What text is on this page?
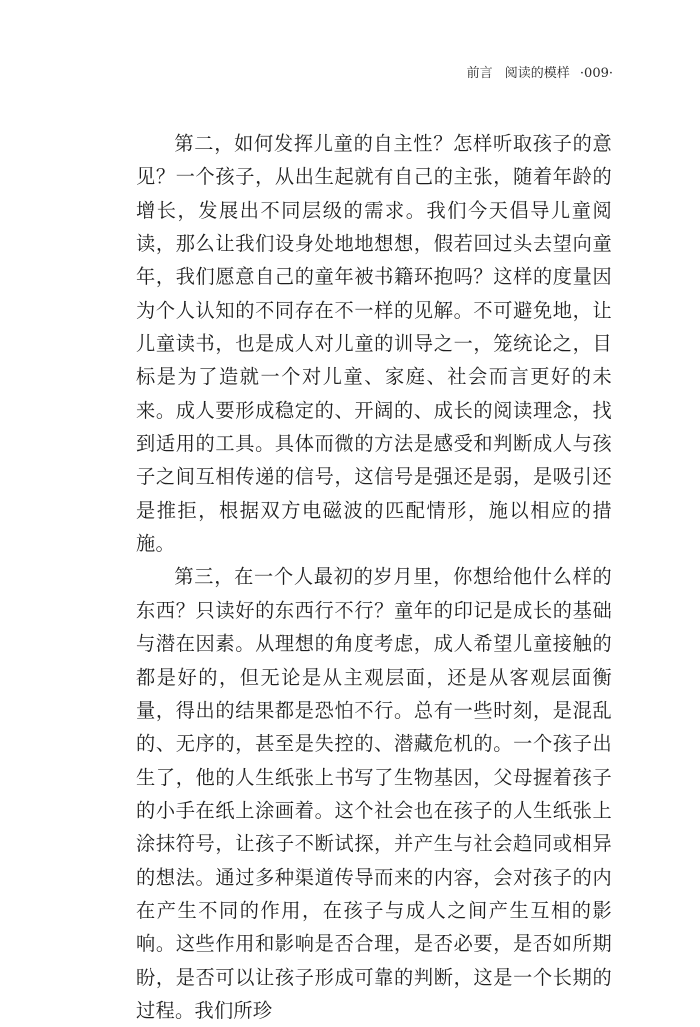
前言 阅读的模样 ·009·

第二，如何发挥儿童的自主性？怎样听取孩子的意见？一个孩子，从出生起就有自己的主张，随着年龄的增长，发展出不同层级的需求。我们今天倡导儿童阅读，那么让我们设身处地地想想，假若回过头去望向童年，我们愿意自己的童年被书籍环抱吗？这样的度量因为个人认知的不同存在不一样的见解。不可避免地，让儿童读书，也是成人对儿童的训导之一，笼统论之，目标是为了造就一个对儿童、家庭、社会而言更好的未来。成人要形成稳定的、开阔的、成长的阅读理念，找到适用的工具。具体而微的方法是感受和判断成人与孩子之间互相传递的信号，这信号是强还是弱，是吸引还是推拒，根据双方电磁波的匹配情形，施以相应的措施。

第三，在一个人最初的岁月里，你想给他什么样的东西？只读好的东西行不行？童年的印记是成长的基础与潜在因素。从理想的角度考虑，成人希望儿童接触的都是好的，但无论是从主观层面，还是从客观层面衡量，得出的结果都是恐怕不行。总有一些时刻，是混乱的、无序的，甚至是失控的、潜藏危机的。一个孩子出生了，他的人生纸张上书写了生物基因，父母握着孩子的小手在纸上涂画着。这个社会也在孩子的人生纸张上涂抹符号，让孩子不断试探，并产生与社会趋同或相异的想法。通过多种渠道传导而来的内容，会对孩子的内在产生不同的作用，在孩子与成人之间产生互相的影响。这些作用和影响是否合理，是否必要，是否如所期盼，是否可以让孩子形成可靠的判断，这是一个长期的过程。我们所珍
